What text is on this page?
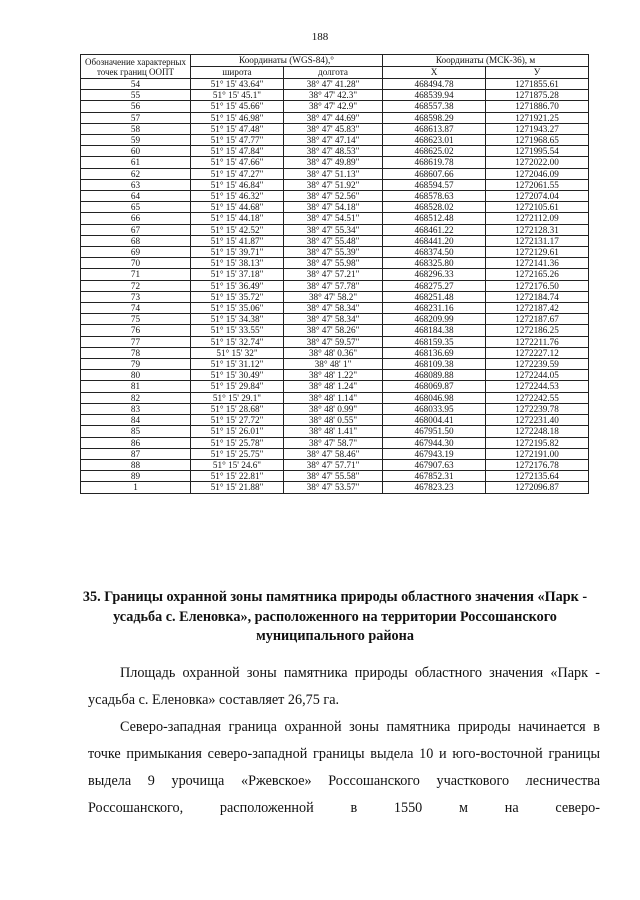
188
Обозначение характерных точек границ ООПТ	Координаты (WGS-84),°		Координаты (МСК-36), м	
	широта	долгота	X	У
54	51° 15' 43.64"	38° 47' 41.28"	468494.78	1271855.61
55	51° 15' 45.1"	38° 47' 42.3"	468539.94	1271875.28
56	51° 15' 45.66"	38° 47' 42.9"	468557.38	1271886.70
57	51° 15' 46.98"	38° 47' 44.69"	468598.29	1271921.25
58	51° 15' 47.48"	38° 47' 45.83"	468613.87	1271943.27
59	51° 15' 47.77"	38° 47' 47.14"	468623.01	1271968.65
60	51° 15' 47.84"	38° 47' 48.53"	468625.02	1271995.54
61	51° 15' 47.66"	38° 47' 49.89"	468619.78	1272022.00
62	51° 15' 47.27"	38° 47' 51.13"	468607.66	1272046.09
63	51° 15' 46.84"	38° 47' 51.92"	468594.57	1272061.55
64	51° 15' 46.32"	38° 47' 52.56"	468578.63	1272074.04
65	51° 15' 44.68"	38° 47' 54.18"	468528.02	1272105.61
66	51° 15' 44.18"	38° 47' 54.51"	468512.48	1272112.09
67	51° 15' 42.52"	38° 47' 55.34"	468461.22	1272128.31
68	51° 15' 41.87"	38° 47' 55.48"	468441.20	1272131.17
69	51° 15' 39.71"	38° 47' 55.39"	468374.50	1272129.61
70	51° 15' 38.13"	38° 47' 55.98"	468325.80	1272141.36
71	51° 15' 37.18"	38° 47' 57.21"	468296.33	1272165.26
72	51° 15' 36.49"	38° 47' 57.78"	468275.27	1272176.50
73	51° 15' 35.72"	38° 47' 58.2"	468251.48	1272184.74
74	51° 15' 35.06"	38° 47' 58.34"	468231.16	1272187.42
75	51° 15' 34.38"	38° 47' 58.34"	468209.99	1272187.67
76	51° 15' 33.55"	38° 47' 58.26"	468184.38	1272186.25
77	51° 15' 32.74"	38° 47' 59.57"	468159.35	1272211.76
78	51° 15' 32"	38° 48' 0.36"	468136.69	1272227.12
79	51° 15' 31.12"	38° 48' 1"	468109.38	1272239.59
80	51° 15' 30.49"	38° 48' 1.22"	468089.88	1272244.05
81	51° 15' 29.84"	38° 48' 1.24"	468069.87	1272244.53
82	51° 15' 29.1"	38° 48' 1.14"	468046.98	1272242.55
83	51° 15' 28.68"	38° 48' 0.99"	468033.95	1272239.78
84	51° 15' 27.72"	38° 48' 0.55"	468004.41	1272231.40
85	51° 15' 26.01"	38° 48' 1.41"	467951.50	1272248.18
86	51° 15' 25.78"	38° 47' 58.7"	467944.30	1272195.82
87	51° 15' 25.75"	38° 47' 58.46"	467943.19	1272191.00
88	51° 15' 24.6"	38° 47' 57.71"	467907.63	1272176.78
89	51° 15' 22.81"	38° 47' 55.58"	467852.31	1272135.64
1	51° 15' 21.88"	38° 47' 53.57"	467823.23	1272096.87
35. Границы охранной зоны памятника природы областного значения «Парк - усадьба с. Еленовка», расположенного на территории Россошанского муниципального района
Площадь охранной зоны памятника природы областного значения «Парк - усадьба с. Еленовка» составляет 26,75 га.
Северо-западная граница охранной зоны памятника природы начинается в точке примыкания северо-западной границы выдела 10 и юго-восточной границы выдела 9 урочища «Ржевское» Россошанского участкового лесничества Россошанского, расположенной в 1550 м на северо-
